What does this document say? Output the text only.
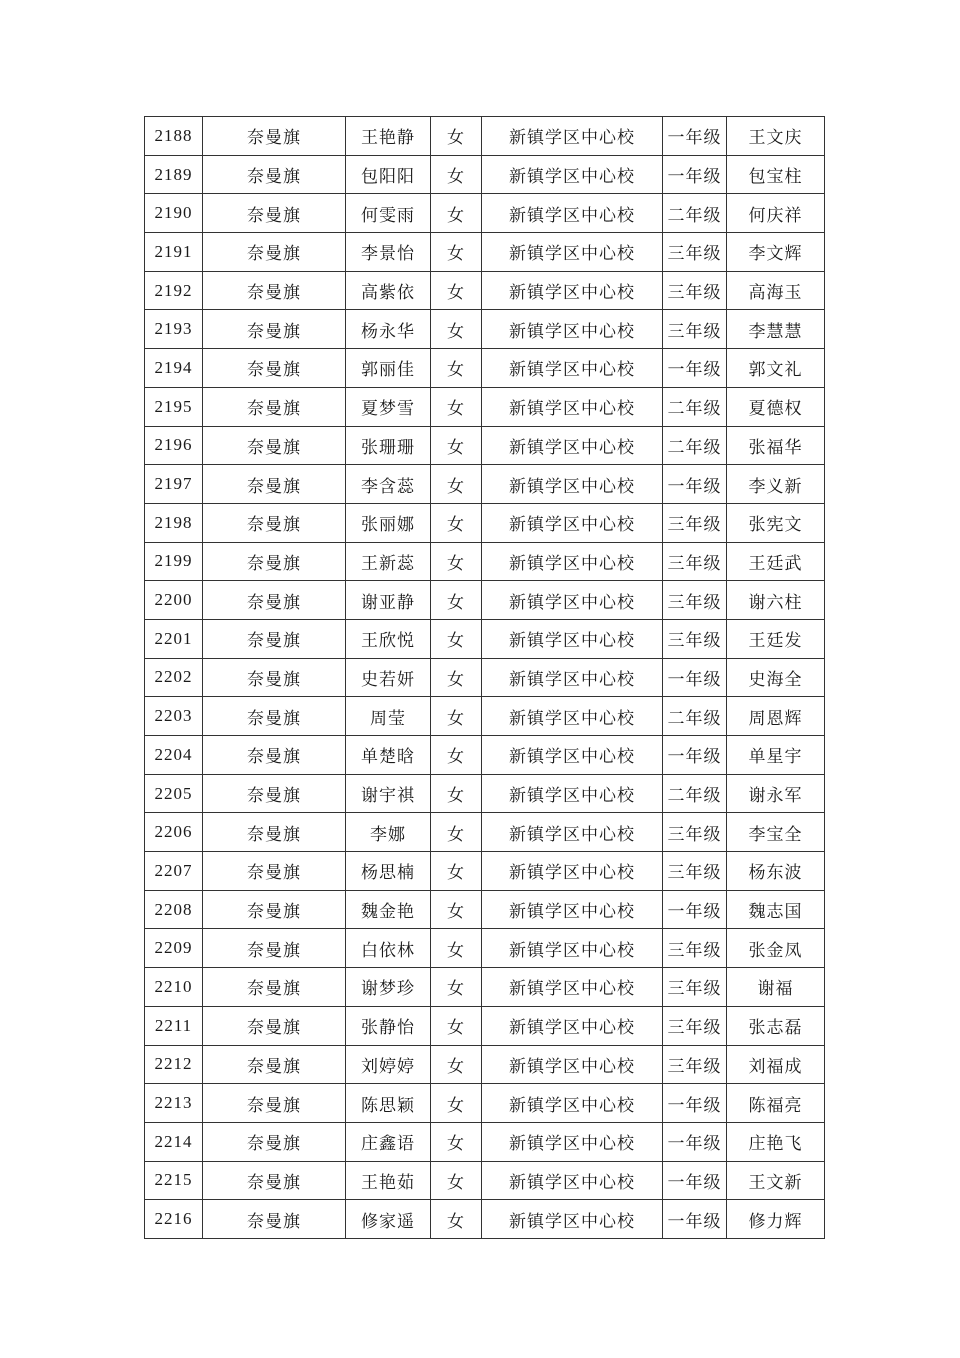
2188	奈曼旗	王艳静	女	新镇学区中心校	一年级	王文庆
2189	奈曼旗	包阳阳	女	新镇学区中心校	一年级	包宝柱
2190	奈曼旗	何雯雨	女	新镇学区中心校	二年级	何庆祥
2191	奈曼旗	李景怡	女	新镇学区中心校	三年级	李文辉
2192	奈曼旗	高紫依	女	新镇学区中心校	三年级	高海玉
2193	奈曼旗	杨永华	女	新镇学区中心校	三年级	李慧慧
2194	奈曼旗	郭丽佳	女	新镇学区中心校	一年级	郭文礼
2195	奈曼旗	夏梦雪	女	新镇学区中心校	二年级	夏德权
2196	奈曼旗	张珊珊	女	新镇学区中心校	二年级	张福华
2197	奈曼旗	李含蕊	女	新镇学区中心校	一年级	李义新
2198	奈曼旗	张丽娜	女	新镇学区中心校	三年级	张宪文
2199	奈曼旗	王新蕊	女	新镇学区中心校	三年级	王廷武
2200	奈曼旗	谢亚静	女	新镇学区中心校	三年级	谢六柱
2201	奈曼旗	王欣悦	女	新镇学区中心校	三年级	王廷发
2202	奈曼旗	史若妍	女	新镇学区中心校	一年级	史海全
2203	奈曼旗	周莹	女	新镇学区中心校	二年级	周恩辉
2204	奈曼旗	单楚晗	女	新镇学区中心校	一年级	单星宇
2205	奈曼旗	谢宇祺	女	新镇学区中心校	二年级	谢永军
2206	奈曼旗	李娜	女	新镇学区中心校	三年级	李宝全
2207	奈曼旗	杨思楠	女	新镇学区中心校	三年级	杨东波
2208	奈曼旗	魏金艳	女	新镇学区中心校	一年级	魏志国
2209	奈曼旗	白依林	女	新镇学区中心校	三年级	张金凤
2210	奈曼旗	谢梦珍	女	新镇学区中心校	三年级	谢福
2211	奈曼旗	张静怡	女	新镇学区中心校	三年级	张志磊
2212	奈曼旗	刘婷婷	女	新镇学区中心校	三年级	刘福成
2213	奈曼旗	陈思颖	女	新镇学区中心校	一年级	陈福亮
2214	奈曼旗	庄鑫语	女	新镇学区中心校	一年级	庄艳飞
2215	奈曼旗	王艳茹	女	新镇学区中心校	一年级	王文新
2216	奈曼旗	修家遥	女	新镇学区中心校	一年级	修力辉
